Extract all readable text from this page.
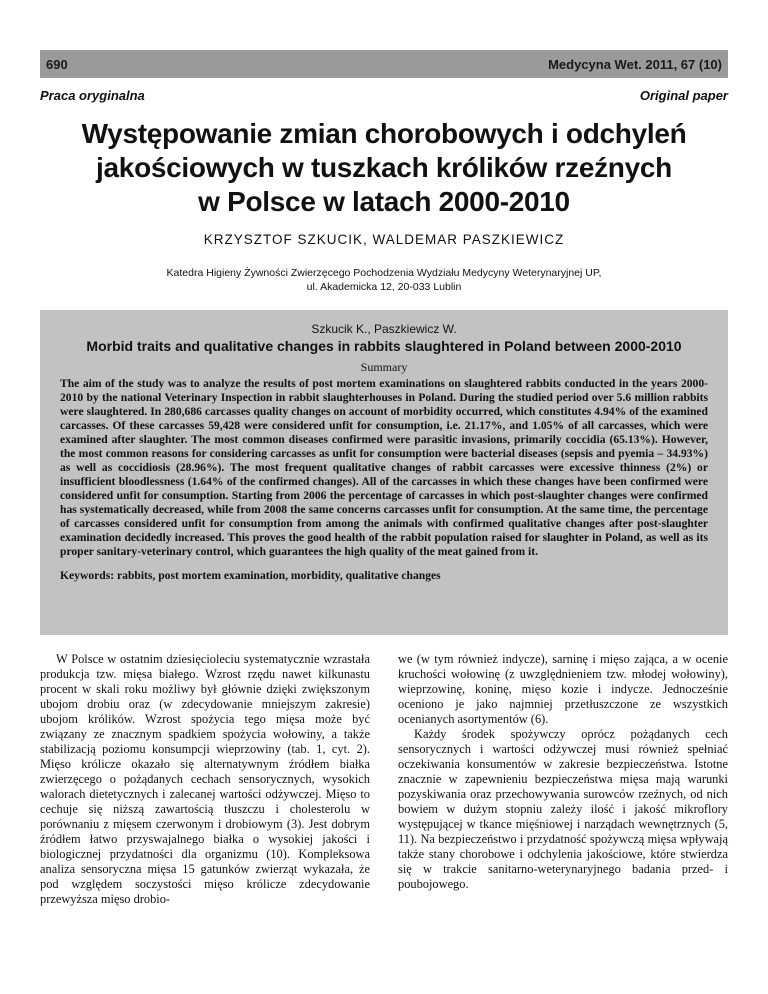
690	Medycyna Wet. 2011, 67 (10)
Praca oryginalna	Original paper
Występowanie zmian chorobowych i odchyleń
jakościowych w tuszkach królików rzeźnych
w Polsce w latach 2000-2010
KRZYSZTOF SZKUCIK, WALDEMAR PASZKIEWICZ
Katedra Higieny Żywności Zwierzęcego Pochodzenia Wydziału Medycyny Weterynaryjnej UP,
ul. Akademicka 12, 20-033 Lublin
Szkucik K., Paszkiewicz W.
Morbid traits and qualitative changes in rabbits slaughtered in Poland between 2000-2010
Summary

The aim of the study was to analyze the results of post mortem examinations on slaughtered rabbits conducted in the years 2000-2010 by the national Veterinary Inspection in rabbit slaughterhouses in Poland. During the studied period over 5.6 million rabbits were slaughtered. In 280,686 carcasses quality changes on account of morbidity occurred, which constitutes 4.94% of the examined carcasses. Of these carcasses 59,428 were considered unfit for consumption, i.e. 21.17%, and 1.05% of all carcasses, which were examined after slaughter. The most common diseases confirmed were parasitic invasions, primarily coccidia (65.13%). However, the most common reasons for considering carcasses as unfit for consumption were bacterial diseases (sepsis and pyemia – 34.93%) as well as coccidiosis (28.96%). The most frequent qualitative changes of rabbit carcasses were excessive thinness (2%) or insufficient bloodlessness (1.64% of the confirmed changes). All of the carcasses in which these changes have been confirmed were considered unfit for consumption. Starting from 2006 the percentage of carcasses in which post-slaughter changes were confirmed has systematically decreased, while from 2008 the same concerns carcasses unfit for consumption. At the same time, the percentage of carcasses considered unfit for consumption from among the animals with confirmed qualitative changes after post-slaughter examination decidedly increased. This proves the good health of the rabbit population raised for slaughter in Poland, as well as its proper sanitary-veterinary control, which guarantees the high quality of the meat gained from it.

Keywords: rabbits, post mortem examination, morbidity, qualitative changes

W Polsce w ostatnim dziesięcioleciu systematycznie wzrastała produkcja tzw. mięsa białego. Wzrost rzędu nawet kilkunastu procent w skali roku możliwy był głównie dzięki zwiększonym ubojom drobiu oraz (w zdecydowanie mniejszym zakresie) ubojom królików. Wzrost spożycia tego mięsa może być związany ze znacznym spadkiem spożycia wołowiny, a także stabilizacją poziomu konsumpcji wieprzowiny (tab. 1, cyt. 2). Mięso królicze okazało się alternatywnym źródłem białka zwierzęcego o pożądanych cechach sensorycznych, wysokich walorach dietetycznych i zalecanej wartości odżywczej. Mięso to cechuje się niższą zawartością tłuszczu i cholesterolu w porównaniu z mięsem czerwonym i drobiowym (3). Jest dobrym źródłem łatwo przyswajalnego białka o wysokiej jakości i biologicznej przydatności dla organizmu (10). Kompleksowa analiza sensoryczna mięsa 15 gatunków zwierząt wykazała, że pod względem soczystości mięso królicze zdecydowanie przewyższa mięso drobio-

we (w tym również indycze), sarninę i mięso zająca, a w ocenie kruchości wołowinę (z uwzględnieniem tzw. młodej wołowiny), wieprzowinę, koninę, mięso kozie i indycze. Jednocześnie oceniono je jako najmniej przetłuszczone ze wszystkich ocenianych asortymentów (6).

Każdy środek spożywczy oprócz pożądanych cech sensorycznych i wartości odżywczej musi również spełniać oczekiwania konsumentów w zakresie bezpieczeństwa. Istotne znacznie w zapewnieniu bezpieczeństwa mięsa mają warunki pozyskiwania oraz przechowywania surowców rzeźnych, od nich bowiem w dużym stopniu zależy ilość i jakość mikroflory występującej w tkance mięśniowej i narządach wewnętrznych (5, 11). Na bezpieczeństwo i przydatność spożywczą mięsa wpływają także stany chorobowe i odchylenia jakościowe, które stwierdza się w trakcie sanitarno-weterynaryjnego badania przed- i poubojowego.
